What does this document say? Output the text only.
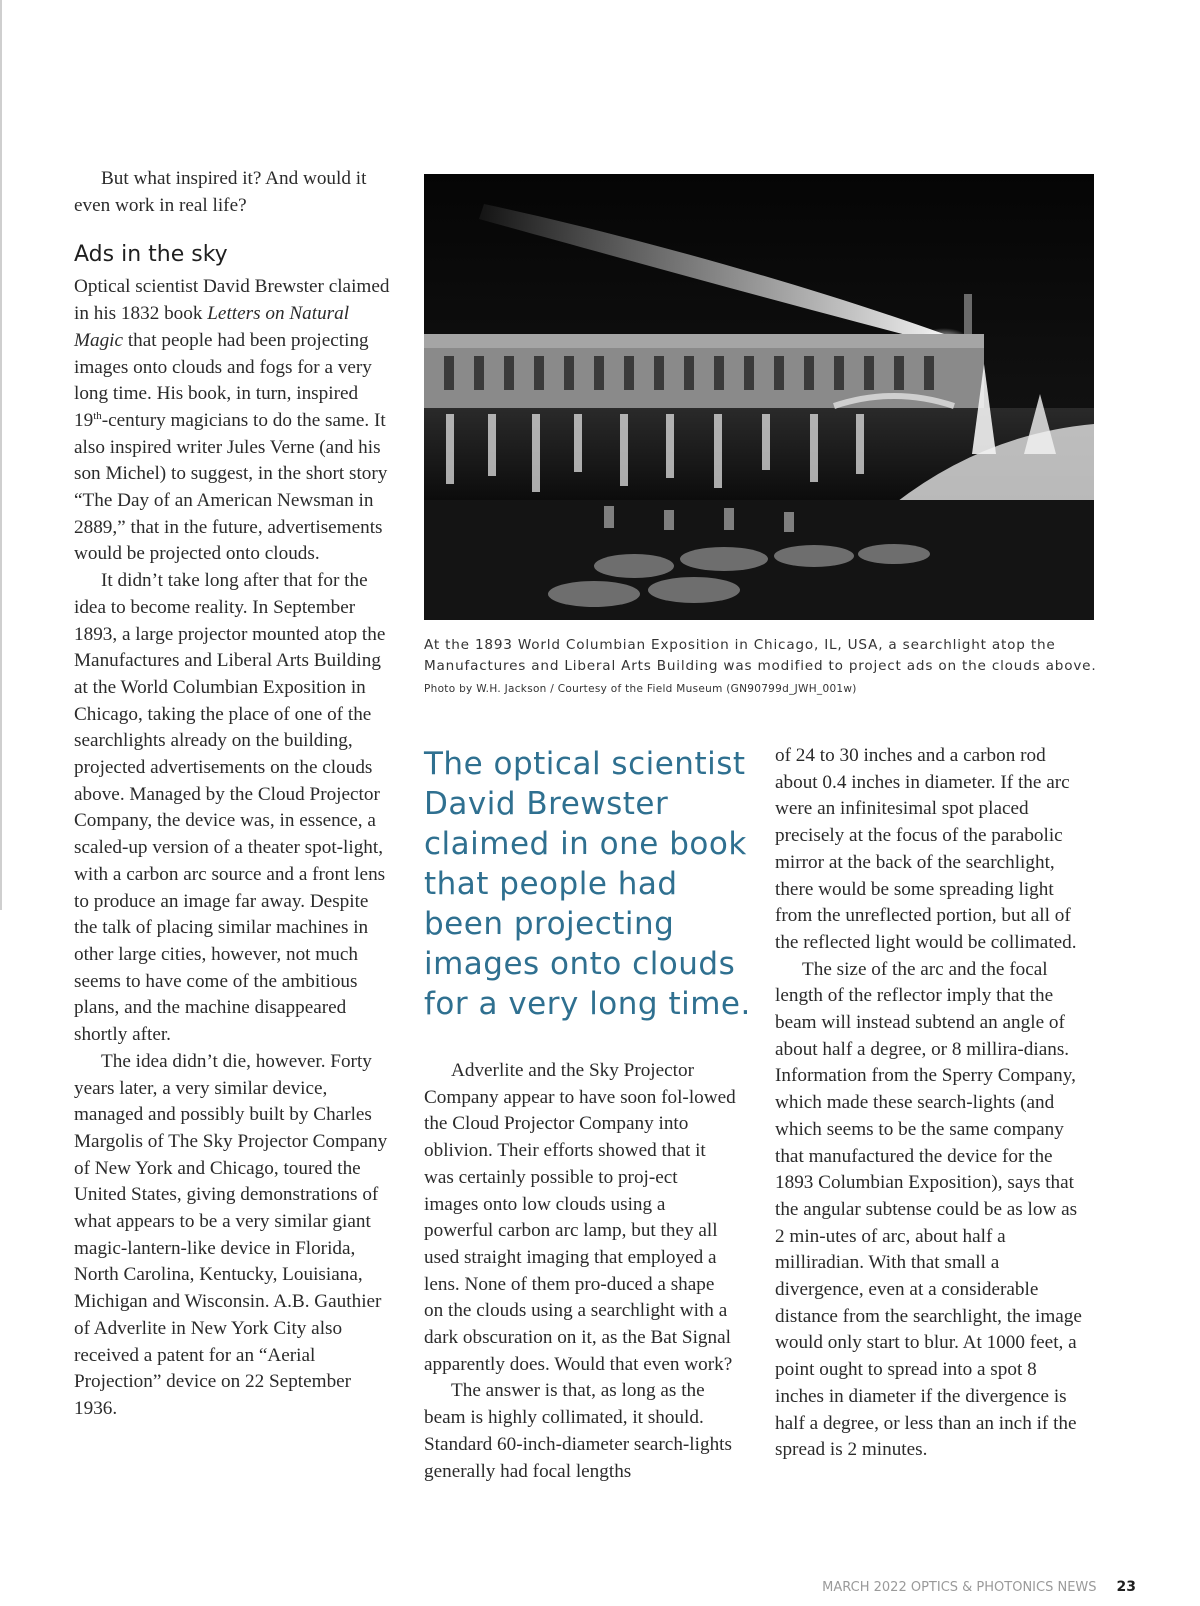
But what inspired it? And would it even work in real life?

Ads in the sky

Optical scientist David Brewster claimed in his 1832 book Letters on Natural Magic that people had been projecting images onto clouds and fogs for a very long time. His book, in turn, inspired 19th-century magicians to do the same. It also inspired writer Jules Verne (and his son Michel) to suggest, in the short story “The Day of an American Newsman in 2889,” that in the future, advertisements would be projected onto clouds.

It didn’t take long after that for the idea to become reality. In September 1893, a large projector mounted atop the Manufactures and Liberal Arts Building at the World Columbian Exposition in Chicago, taking the place of one of the searchlights already on the building, projected advertisements on the clouds above. Managed by the Cloud Projector Company, the device was, in essence, a scaled-up version of a theater spot-light, with a carbon arc source and a front lens to produce an image far away. Despite the talk of placing similar machines in other large cities, however, not much seems to have come of the ambitious plans, and the machine disappeared shortly after.

The idea didn’t die, however. Forty years later, a very similar device, managed and possibly built by Charles Margolis of The Sky Projector Company of New York and Chicago, toured the United States, giving demonstrations of what appears to be a very similar giant magic-lantern-like device in Florida, North Carolina, Kentucky, Louisiana, Michigan and Wisconsin. A.B. Gauthier of Adverlite in New York City also received a patent for an “Aerial Projection” device on 22 September 1936.

At the 1893 World Columbian Exposition in Chicago, IL, USA, a searchlight atop the Manufactures and Liberal Arts Building was modified to project ads on the clouds above.
Photo by W.H. Jackson / Courtesy of the Field Museum (GN90799d_JWH_001w)
The optical scientist David Brewster claimed in one book that people had been projecting images onto clouds for a very long time.

Adverlite and the Sky Projector Company appear to have soon fol-lowed the Cloud Projector Company into oblivion. Their efforts showed that it was certainly possible to proj-ect images onto low clouds using a powerful carbon arc lamp, but they all used straight imaging that employed a lens. None of them pro-duced a shape on the clouds using a searchlight with a dark obscuration on it, as the Bat Signal apparently does. Would that even work?

The answer is that, as long as the beam is highly collimated, it should. Standard 60-inch-diameter search-lights generally had focal lengths

of 24 to 30 inches and a carbon rod about 0.4 inches in diameter. If the arc were an infinitesimal spot placed precisely at the focus of the parabolic mirror at the back of the searchlight, there would be some spreading light from the unreflected portion, but all of the reflected light would be collimated.

The size of the arc and the focal length of the reflector imply that the beam will instead subtend an angle of about half a degree, or 8 millira-dians. Information from the Sperry Company, which made these search-lights (and which seems to be the same company that manufactured the device for the 1893 Columbian Exposition), says that the angular subtense could be as low as 2 min-utes of arc, about half a milliradian. With that small a divergence, even at a considerable distance from the searchlight, the image would only start to blur. At 1000 feet, a point ought to spread into a spot 8 inches in diameter if the divergence is half a degree, or less than an inch if the spread is 2 minutes.

MARCH 2022 OPTICS & PHOTONICS NEWS 23
